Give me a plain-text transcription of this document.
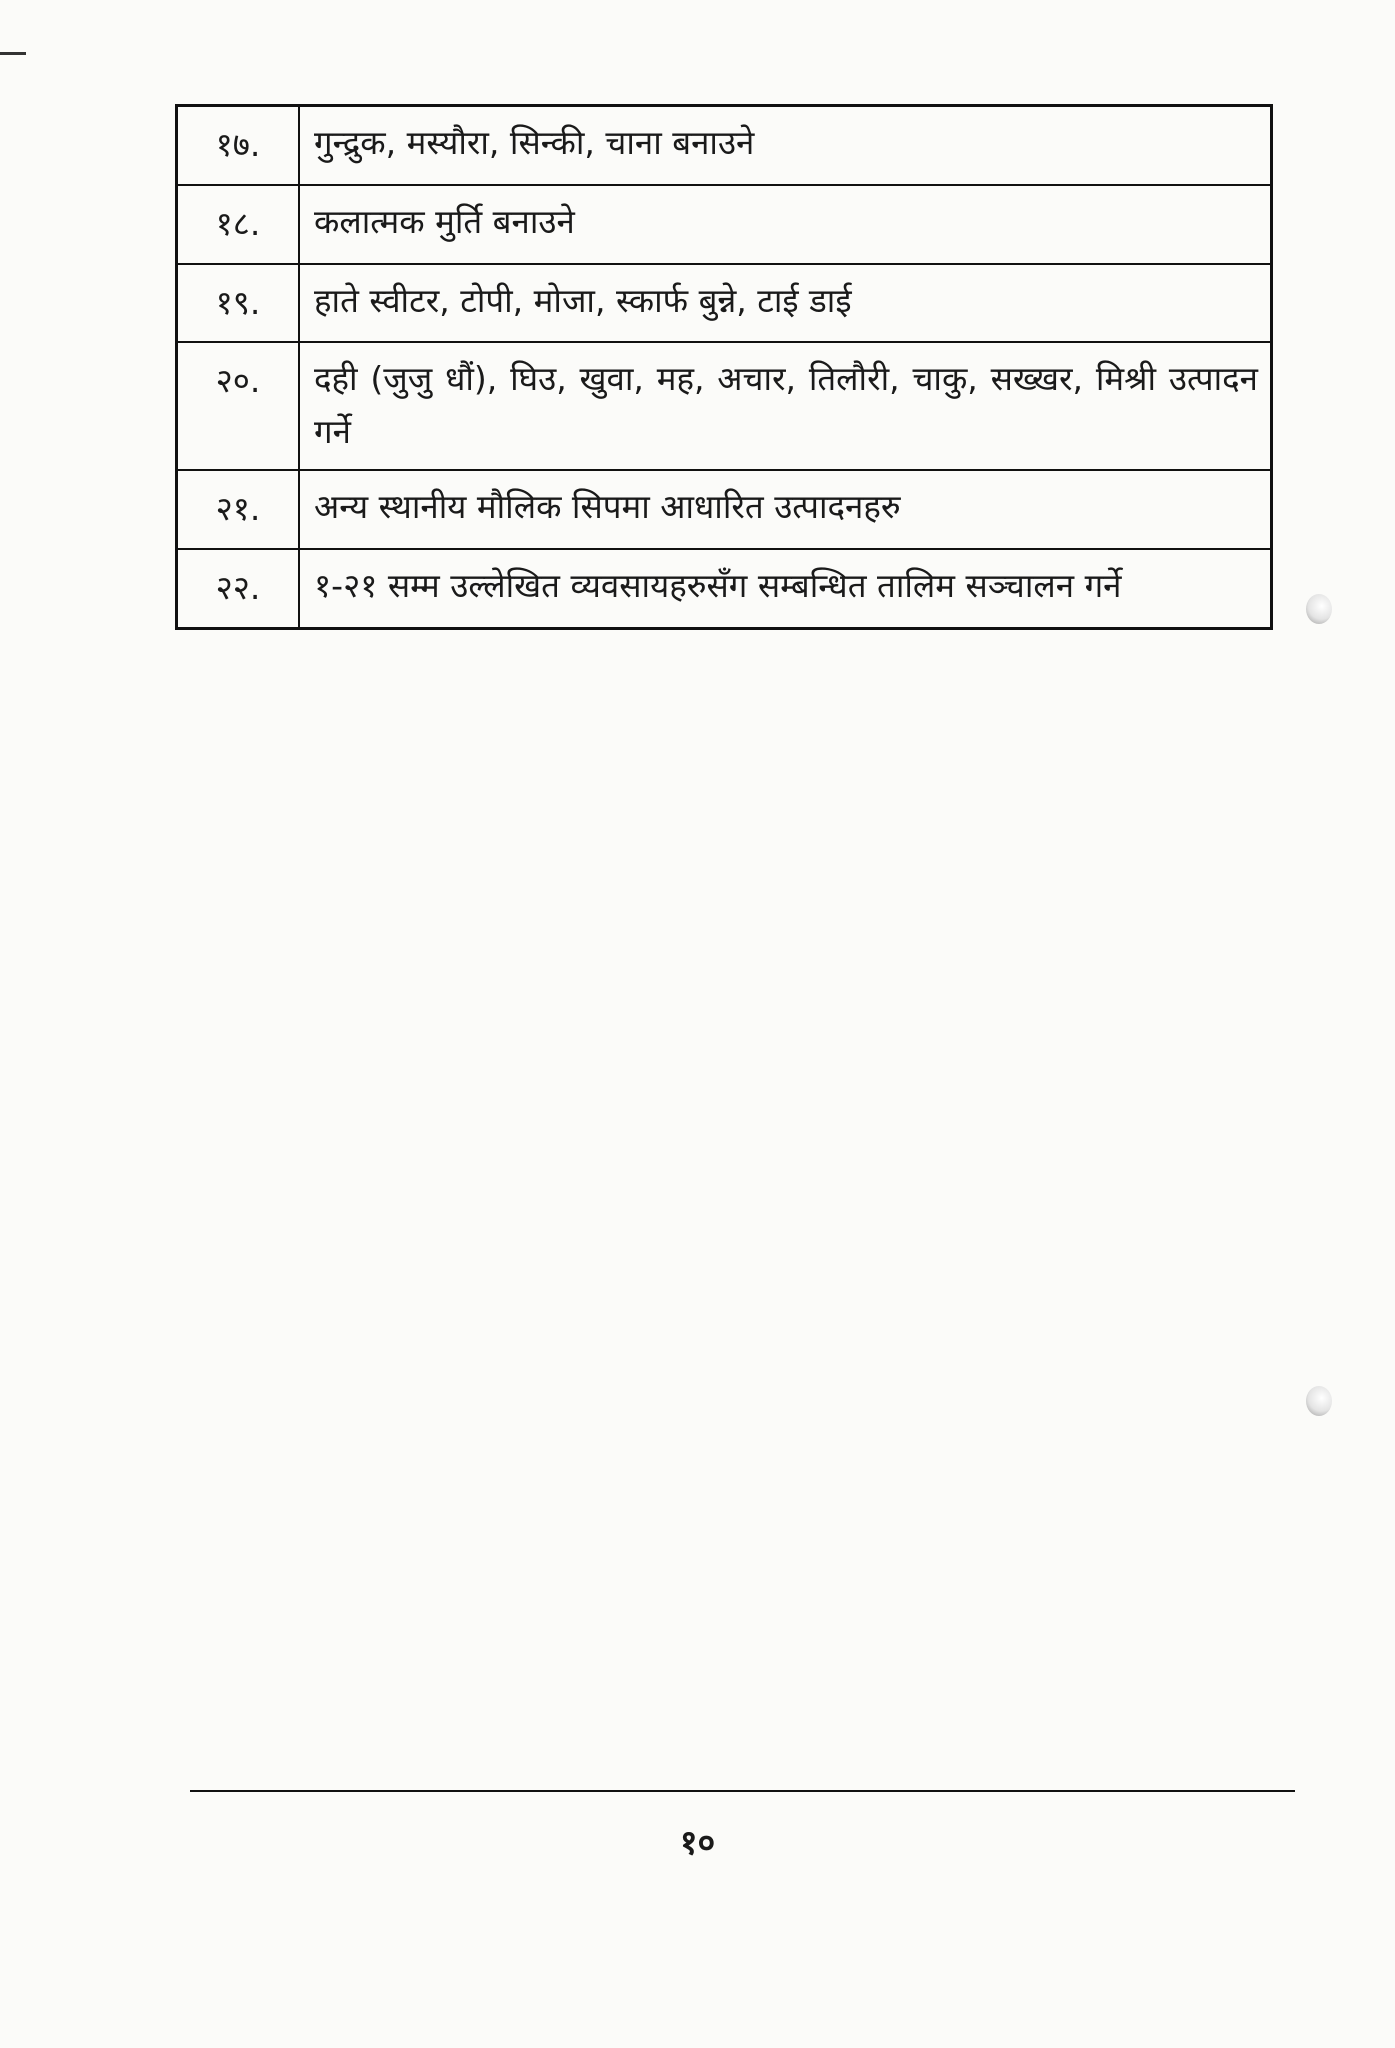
१७.	गुन्द्रुक, मस्यौरा, सिन्की, चाना बनाउने
१८.	कलात्मक मुर्ति बनाउने
१९.	हाते स्वीटर, टोपी, मोजा, स्कार्फ बुन्ने, टाई डाई
२०.	दही (जुजु धौं), घिउ, खुवा, मह, अचार, तिलौरी, चाकु, सख्खर, मिश्री उत्पादन गर्ने
२१.	अन्य स्थानीय मौलिक सिपमा आधारित उत्पादनहरु
२२.	१-२१ सम्म उल्लेखित व्यवसायहरुसँग सम्बन्धित तालिम सञ्चालन गर्ने
१०
